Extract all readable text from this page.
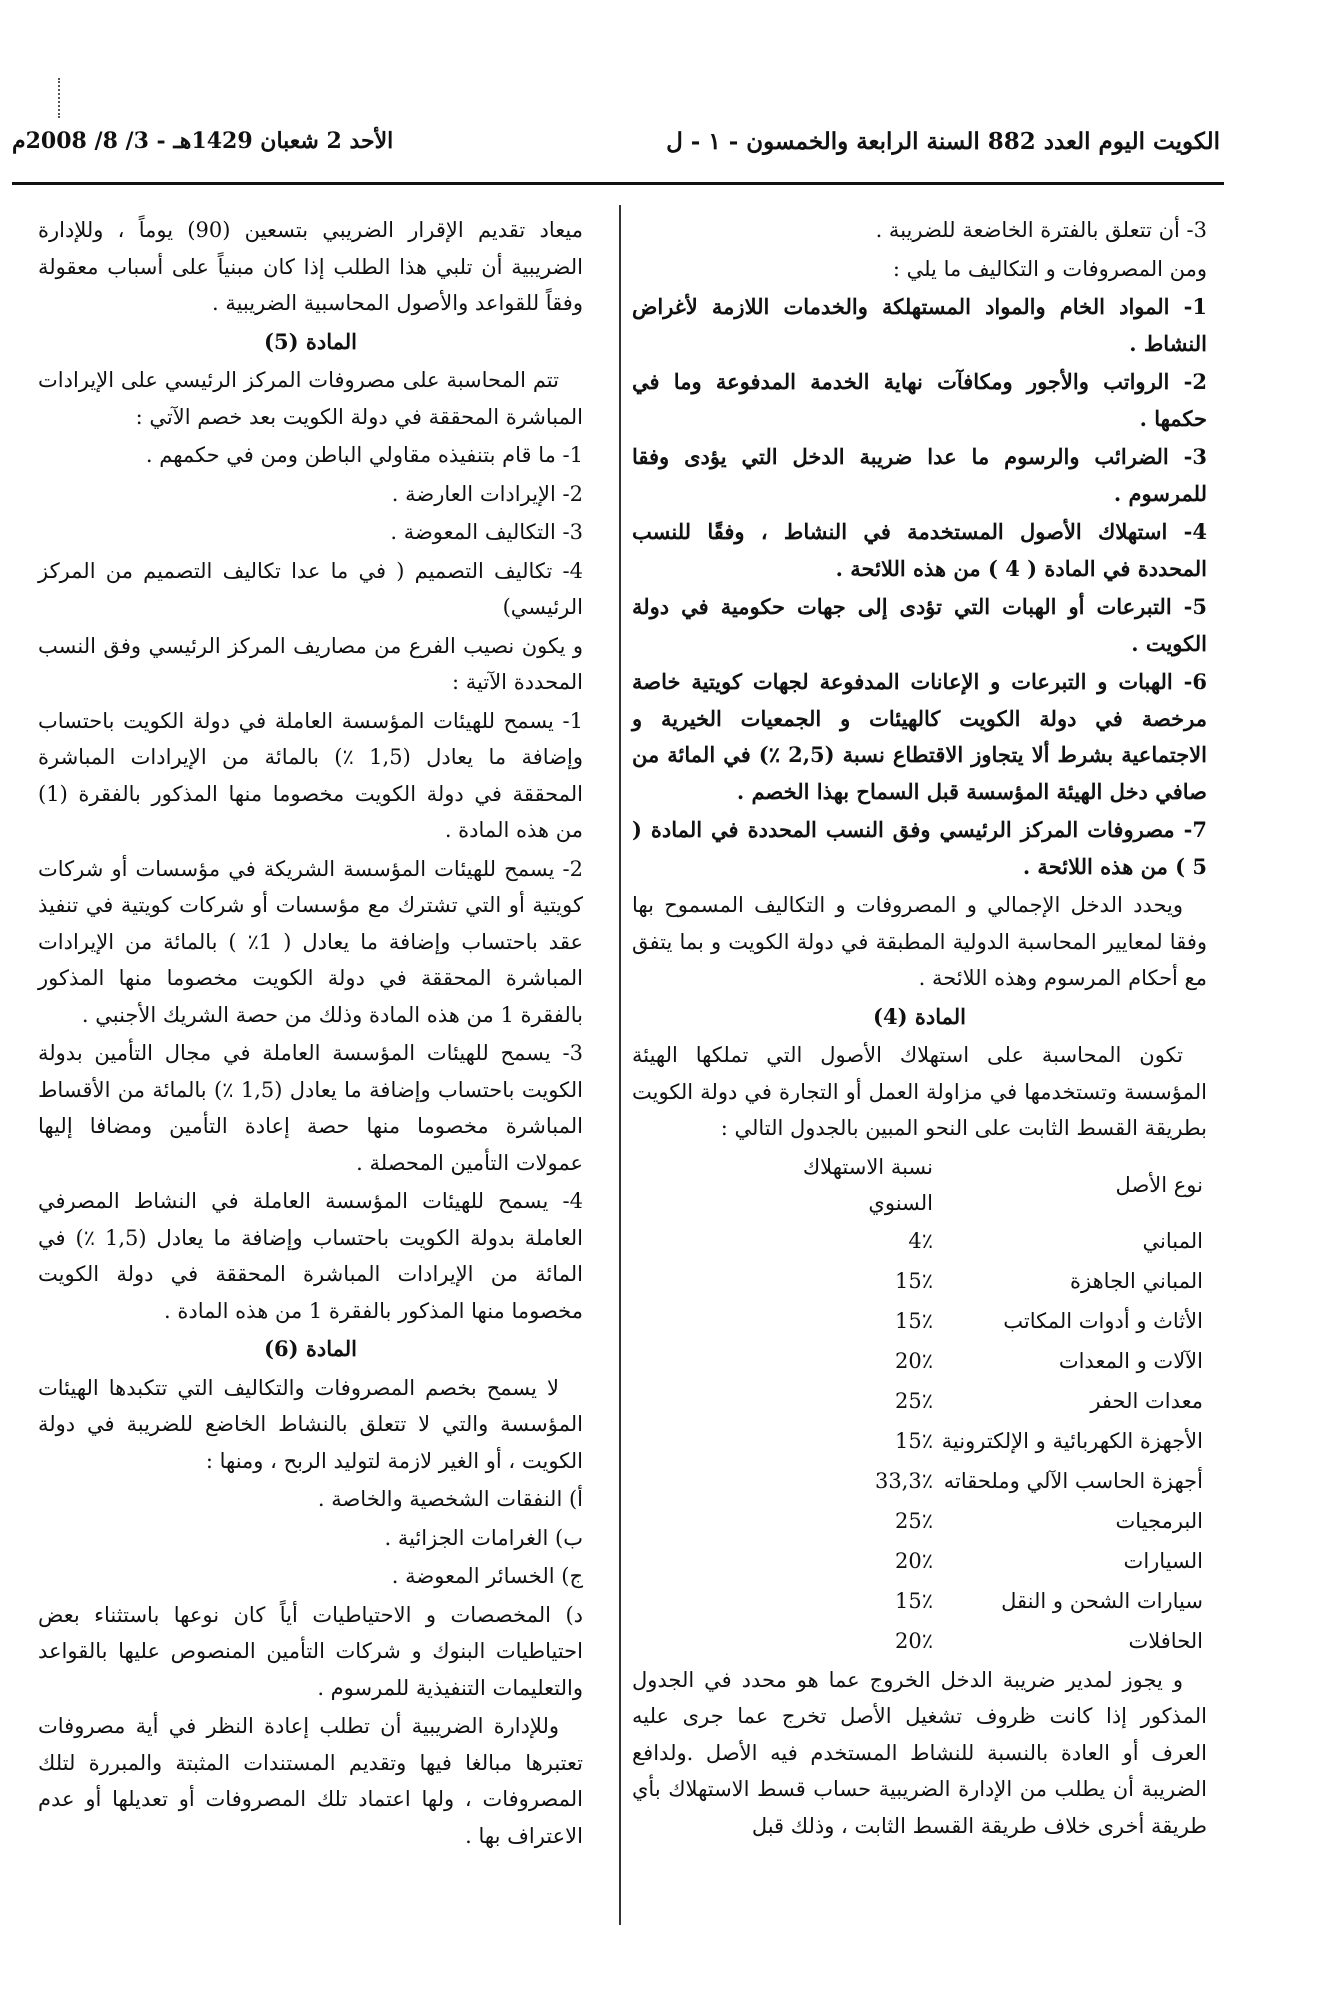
الكويت اليوم العدد 882 السنة الرابعة والخمسون - ١ - ل
الأحد 2 شعبان 1429هـ - 3/ 8/ 2008م

3- أن تتعلق بالفترة الخاضعة للضريبة .

ومن المصروفات و التكاليف ما يلي :

1- المواد الخام والمواد المستهلكة والخدمات اللازمة لأغراض النشاط .

2- الرواتب والأجور ومكافآت نهاية الخدمة المدفوعة وما في حكمها .

3- الضرائب والرسوم ما عدا ضريبة الدخل التي يؤدى وفقا للمرسوم .

4- استهلاك الأصول المستخدمة في النشاط ، وفقًا للنسب المحددة في المادة ( 4 ) من هذه اللائحة .

5- التبرعات أو الهبات التي تؤدى إلى جهات حكومية في دولة الكويت .

6- الهبات و التبرعات و الإعانات المدفوعة لجهات كويتية خاصة مرخصة في دولة الكويت كالهيئات و الجمعيات الخيرية و الاجتماعية بشرط ألا يتجاوز الاقتطاع نسبة (2,5 ٪) في المائة من صافي دخل الهيئة المؤسسة قبل السماح بهذا الخصم .

7- مصروفات المركز الرئيسي وفق النسب المحددة في المادة ( 5 ) من هذه اللائحة .

ويحدد الدخل الإجمالي و المصروفات و التكاليف المسموح بها وفقا لمعايير المحاسبة الدولية المطبقة في دولة الكويت و بما يتفق مع أحكام المرسوم وهذه اللائحة .

المادة (4)

تكون المحاسبة على استهلاك الأصول التي تملكها الهيئة المؤسسة وتستخدمها في مزاولة العمل أو التجارة في دولة الكويت بطريقة القسط الثابت على النحو المبين بالجدول التالي :

نوع الأصل	نسبة الاستهلاك السنوي
المباني	4٪
المباني الجاهزة	15٪
الأثاث و أدوات المكاتب	15٪
الآلات و المعدات	20٪
معدات الحفر	25٪
الأجهزة الكهربائية و الإلكترونية	15٪
أجهزة الحاسب الآلي وملحقاته	33,3٪
البرمجيات	25٪
السيارات	20٪
سيارات الشحن و النقل	15٪
الحافلات	20٪

و يجوز لمدير ضريبة الدخل الخروج عما هو محدد في الجدول المذكور إذا كانت ظروف تشغيل الأصل تخرج عما جرى عليه العرف أو العادة بالنسبة للنشاط المستخدم فيه الأصل .ولدافع الضريبة أن يطلب من الإدارة الضريبية حساب قسط الاستهلاك بأي طريقة أخرى خلاف طريقة القسط الثابت ، وذلك قبل

ميعاد تقديم الإقرار الضريبي بتسعين (90) يوماً ، وللإدارة الضريبية أن تلبي هذا الطلب إذا كان مبنياً على أسباب معقولة وفقاً للقواعد والأصول المحاسبية الضريبية .

المادة (5)

تتم المحاسبة على مصروفات المركز الرئيسي على الإيرادات المباشرة المحققة في دولة الكويت بعد خصم الآتي :

1- ما قام بتنفيذه مقاولي الباطن ومن في حكمهم .

2- الإيرادات العارضة .

3- التكاليف المعوضة .

4- تكاليف التصميم ( في ما عدا تكاليف التصميم من المركز الرئيسي)

و يكون نصيب الفرع من مصاريف المركز الرئيسي وفق النسب المحددة الآتية :

1- يسمح للهيئات المؤسسة العاملة في دولة الكويت باحتساب وإضافة ما يعادل (1,5 ٪) بالمائة من الإيرادات المباشرة المحققة في دولة الكويت مخصوما منها المذكور بالفقرة (1) من هذه المادة .

2- يسمح للهيئات المؤسسة الشريكة في مؤسسات أو شركات كويتية أو التي تشترك مع مؤسسات أو شركات كويتية في تنفيذ عقد باحتساب وإضافة ما يعادل ( 1٪ ) بالمائة من الإيرادات المباشرة المحققة في دولة الكويت مخصوما منها المذكور بالفقرة 1 من هذه المادة وذلك من حصة الشريك الأجنبي .

3- يسمح للهيئات المؤسسة العاملة في مجال التأمين بدولة الكويت باحتساب وإضافة ما يعادل (1,5 ٪) بالمائة من الأقساط المباشرة مخصوما منها حصة إعادة التأمين ومضافا إليها عمولات التأمين المحصلة .

4- يسمح للهيئات المؤسسة العاملة في النشاط المصرفي العاملة بدولة الكويت باحتساب وإضافة ما يعادل (1,5 ٪) في المائة من الإيرادات المباشرة المحققة في دولة الكويت مخصوما منها المذكور بالفقرة 1 من هذه المادة .

المادة (6)

لا يسمح بخصم المصروفات والتكاليف التي تتكبدها الهيئات المؤسسة والتي لا تتعلق بالنشاط الخاضع للضريبة في دولة الكويت ، أو الغير لازمة لتوليد الربح ، ومنها :

أ) النفقات الشخصية والخاصة .

ب) الغرامات الجزائية .

ج) الخسائر المعوضة .

د) المخصصات و الاحتياطيات أياً كان نوعها باستثناء بعض احتياطيات البنوك و شركات التأمين المنصوص عليها بالقواعد والتعليمات التنفيذية للمرسوم .

وللإدارة الضريبية أن تطلب إعادة النظر في أية مصروفات تعتبرها مبالغا فيها وتقديم المستندات المثبتة والمبررة لتلك المصروفات ، ولها اعتماد تلك المصروفات أو تعديلها أو عدم الاعتراف بها .
